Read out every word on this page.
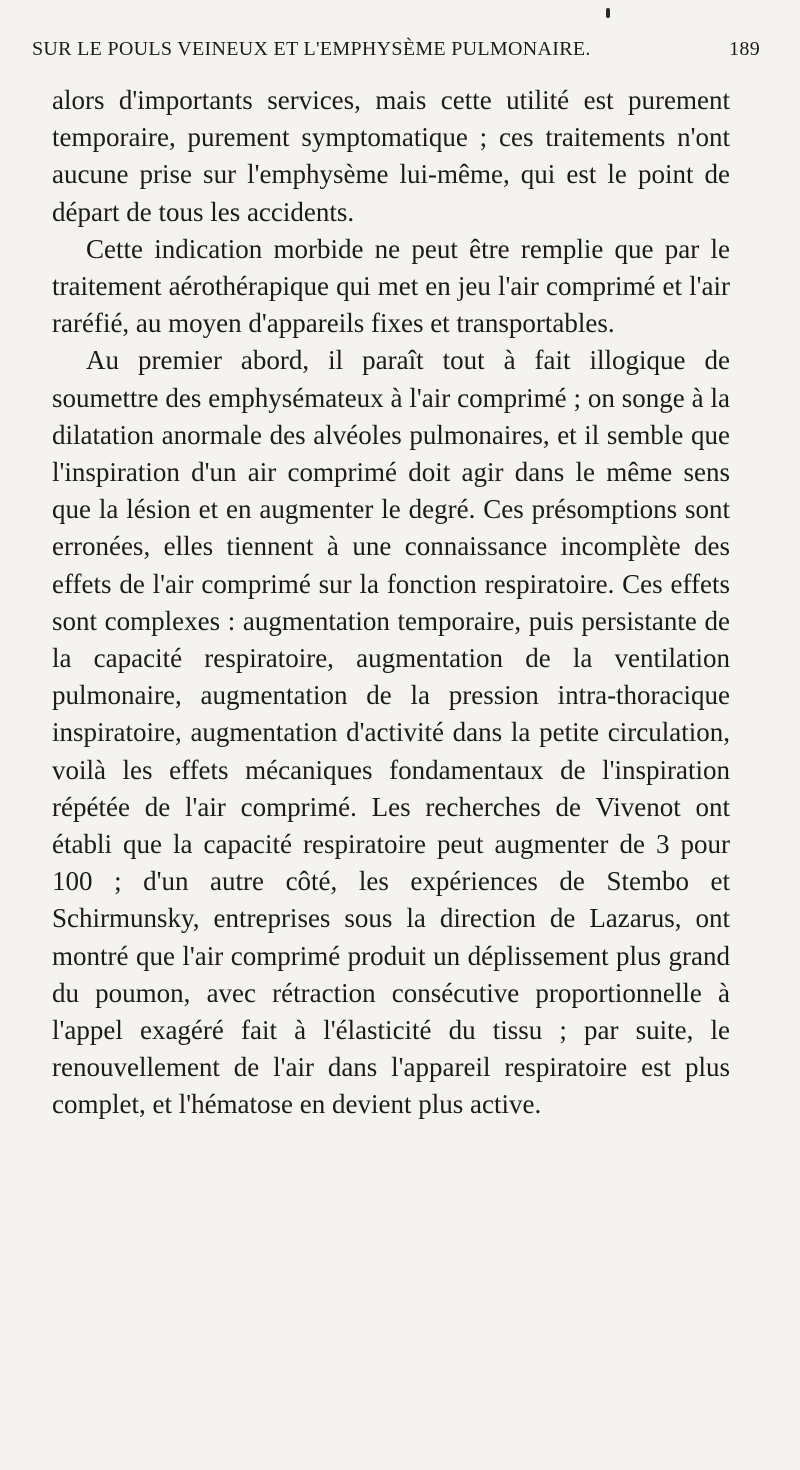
SUR LE POULS VEINEUX ET L'EMPHYSÈME PULMONAIRE.	189

alors d'importants services, mais cette utilité est purement temporaire, purement symptomatique ; ces traitements n'ont aucune prise sur l'emphysème lui-même, qui est le point de départ de tous les accidents.

Cette indication morbide ne peut être remplie que par le traitement aérothérapique qui met en jeu l'air comprimé et l'air raréfié, au moyen d'appareils fixes et transportables.

Au premier abord, il paraît tout à fait illogique de soumettre des emphysémateux à l'air comprimé ; on songe à la dilatation anormale des alvéoles pulmonaires, et il semble que l'inspiration d'un air comprimé doit agir dans le même sens que la lésion et en augmenter le degré. Ces présomptions sont erronées, elles tiennent à une connaissance incomplète des effets de l'air comprimé sur la fonction respiratoire. Ces effets sont complexes : augmentation temporaire, puis persistante de la capacité respiratoire, augmentation de la ventilation pulmonaire, augmentation de la pression intra-thoracique inspiratoire, augmentation d'activité dans la petite circulation, voilà les effets mécaniques fondamentaux de l'inspiration répétée de l'air comprimé. Les recherches de Vivenot ont établi que la capacité respiratoire peut augmenter de 3 pour 100 ; d'un autre côté, les expériences de Stembo et Schirmunsky, entreprises sous la direction de Lazarus, ont montré que l'air comprimé produit un déplissement plus grand du poumon, avec rétraction consécutive proportionnelle à l'appel exagéré fait à l'élasticité du tissu ; par suite, le renouvellement de l'air dans l'appareil respiratoire est plus complet, et l'hématose en devient plus active.
